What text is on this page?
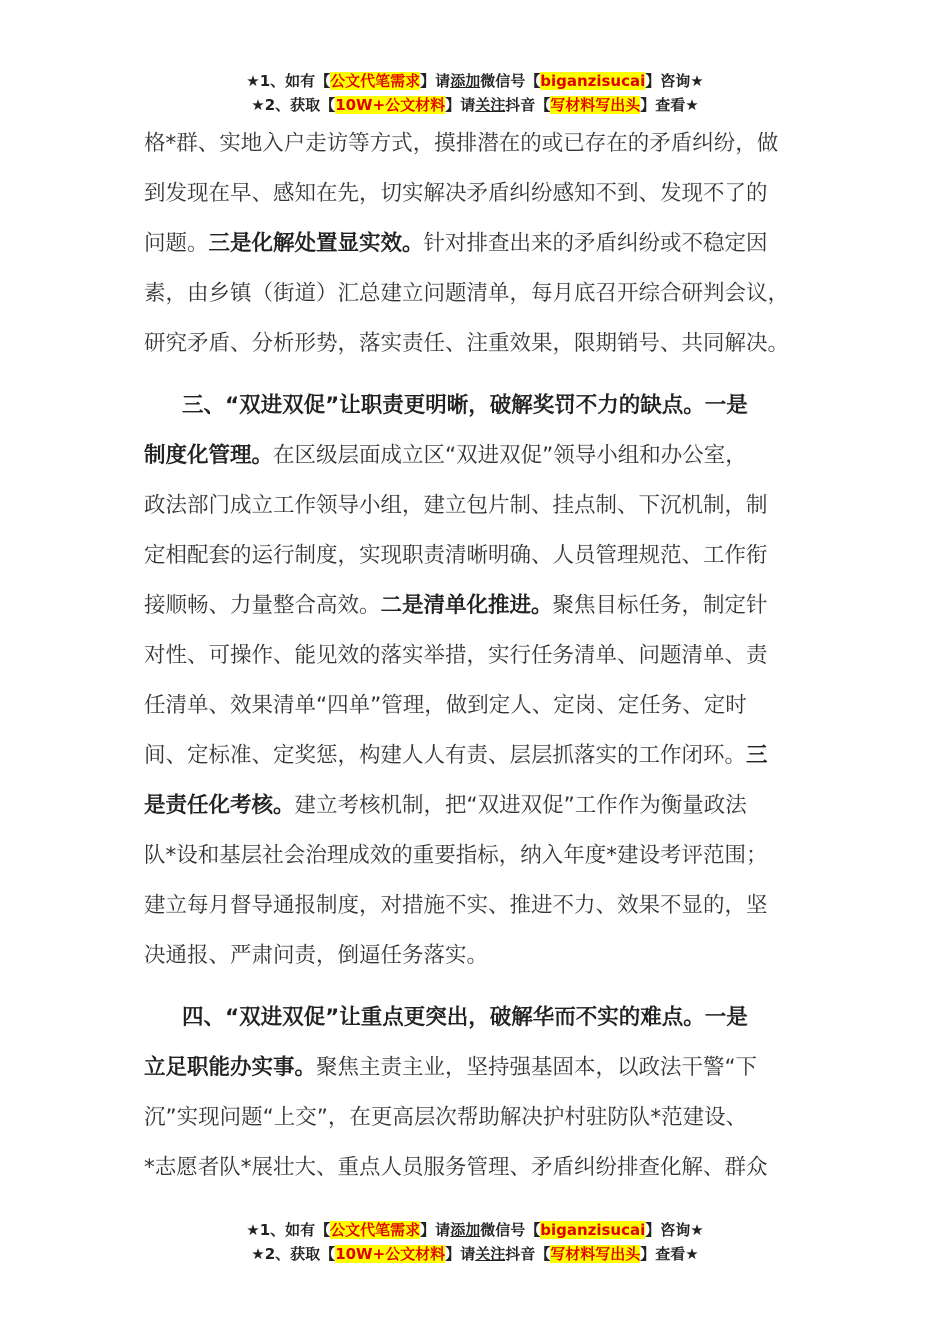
★1、如有【公文代笔需求】请添加微信号【biganzisucai】咨询★
★2、获取【10W+公文材料】请关注抖音【写材料写出头】查看★
格*群、实地入户走访等方式，摸排潜在的或已存在的矛盾纠纷，做
到发现在早、感知在先，切实解决矛盾纠纷感知不到、发现不了的
问题。三是化解处置显实效。针对排查出来的矛盾纠纷或不稳定因
素，由乡镇（街道）汇总建立问题清单，每月底召开综合研判会议，
研究矛盾、分析形势，落实责任、注重效果，限期销号、共同解决。
三、“双进双促”让职责更明晰，破解奖罚不力的缺点。一是
制度化管理。在区级层面成立区“双进双促”领导小组和办公室，
政法部门成立工作领导小组，建立包片制、挂点制、下沉机制，制
定相配套的运行制度，实现职责清晰明确、人员管理规范、工作衔
接顺畅、力量整合高效。二是清单化推进。聚焦目标任务，制定针
对性、可操作、能见效的落实举措，实行任务清单、问题清单、责
任清单、效果清单“四单”管理，做到定人、定岗、定任务、定时
间、定标准、定奖惩，构建人人有责、层层抓落实的工作闭环。三
是责任化考核。建立考核机制，把“双进双促”工作作为衡量政法
队*设和基层社会治理成效的重要指标，纳入年度*建设考评范围；
建立每月督导通报制度，对措施不实、推进不力、效果不显的，坚
决通报、严肃问责，倒逼任务落实。
四、“双进双促”让重点更突出，破解华而不实的难点。一是
立足职能办实事。聚焦主责主业，坚持强基固本，以政法干警“下
沉”实现问题“上交”，在更高层次帮助解决护村驻防队*范建设、
*志愿者队*展壮大、重点人员服务管理、矛盾纠纷排查化解、群众
★1、如有【公文代笔需求】请添加微信号【biganzisucai】咨询★
★2、获取【10W+公文材料】请关注抖音【写材料写出头】查看★
